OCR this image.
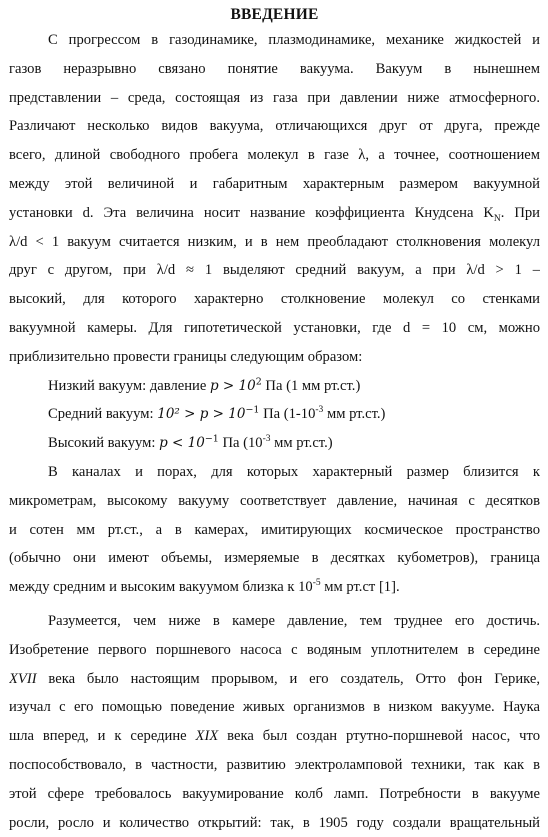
ВВЕДЕНИЕ
С прогрессом в газодинамике, плазмодинамике, механике жидкостей и
газов неразрывно связано понятие вакуума. Вакуум в нынешнем
представлении – среда, состоящая из газа при давлении ниже атмосферного.
Различают несколько видов вакуума, отличающихся друг от друга, прежде
всего, длиной свободного пробега молекул в газе λ, а точнее, соотношением
между этой величиной и габаритным характерным размером вакуумной
установки d. Эта величина носит название коэффициента Кнудсена $K_N$. При
λ/d < 1 вакуум считается низким, и в нем преобладают столкновения молекул
друг с другом, при λ/d ≈ 1 выделяют средний вакуум, а при λ/d > 1 –
высокий, для которого характерно столкновение молекул со стенками
вакуумной камеры. Для гипотетической установки, где d = 10 см, можно
приблизительно провести границы следующим образом:
Низкий вакуум: давление $p > 10^2$ Па (1 мм рт.ст.)
Средний вакуум: $10^2 > p > 10^{-1}$ Па ($1-10^{-3}$ мм рт.ст.)
Высокий вакуум: $p < 10^{-1}$ Па ($10^{-3}$ мм рт.ст.)
В каналах и порах, для которых характерный размер близится к
микрометрам, высокому вакууму соответствует давление, начиная с десятков
и сотен мм рт.ст., а в камерах, имитирующих космическое пространство
(обычно они имеют объемы, измеряемые в десятках кубометров), граница
между средним и высоким вакуумом близка к $10^{-5}$ мм рт.ст [1].
Разумеется, чем ниже в камере давление, тем труднее его достичь.
Изобретение первого поршневого насоса с водяным уплотнителем в середине
XVII века было настоящим прорывом, и его создатель, Отто фон Герике,
изучал с его помощью поведение живых организмов в низком вакууме. Наука
шла вперед, и к середине XIX века был создан ртутно-поршневой насос, что
поспособствовало, в частности, развитию электроламповой техники, так как в
этой сфере требовалось вакуумирование колб ламп. Потребности в вакууме
росли, росло и количество открытий: так, в 1905 году создали вращательный
